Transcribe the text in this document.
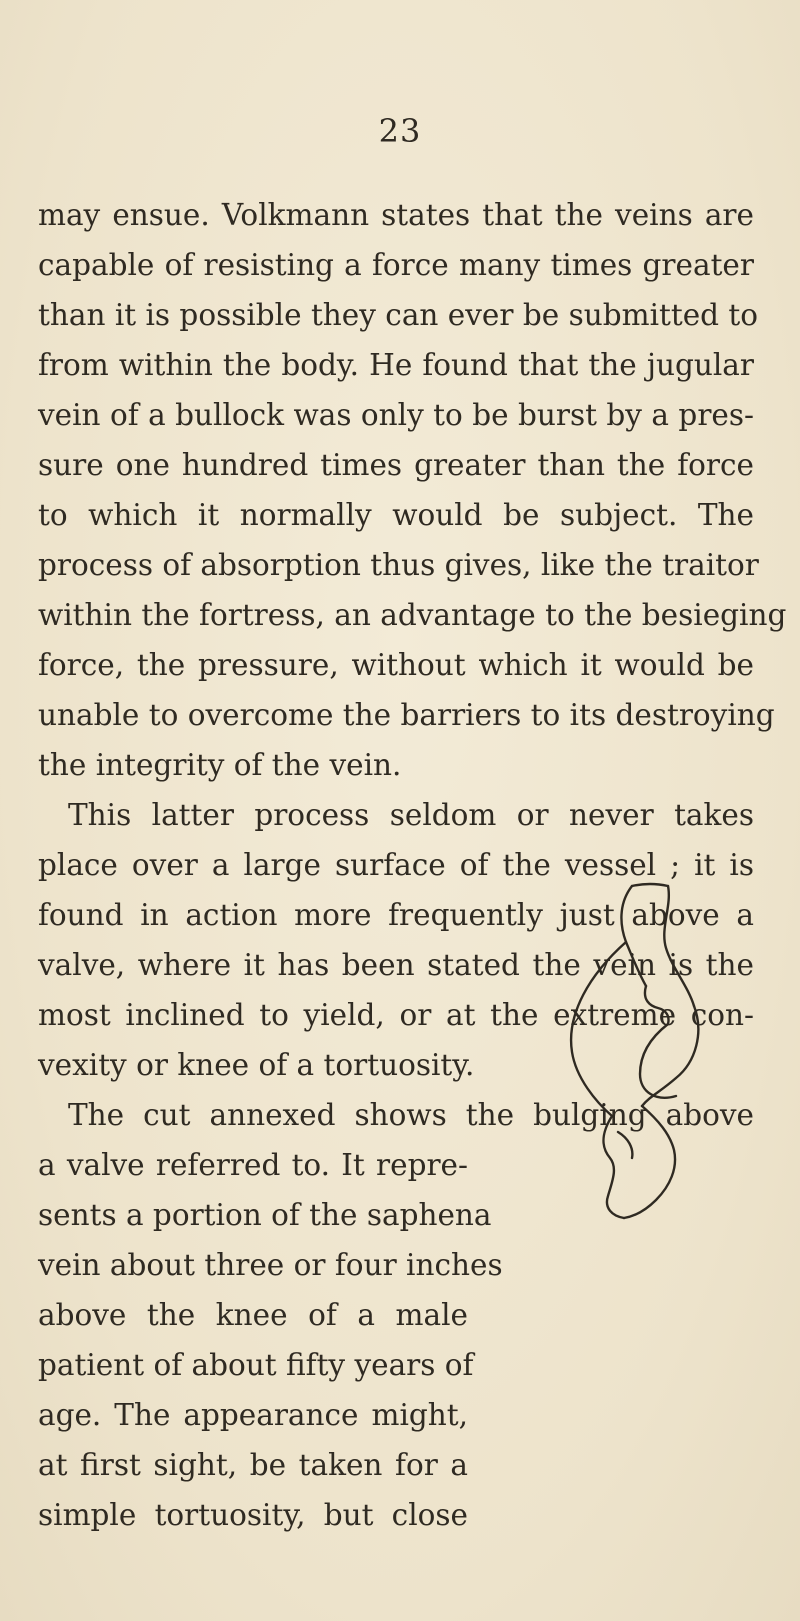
23
may ensue. Volkmann states that the veins are
capable of resisting a force many times greater
than it is possible they can ever be submitted to
from within the body. He found that the jugular
vein of a bullock was only to be burst by a pres-
sure one hundred times greater than the force
to which it normally would be subject. The
process of absorption thus gives, like the traitor
within the fortress, an advantage to the besieging
force, the pressure, without which it would be
unable to overcome the barriers to its destroying
the integrity of the vein.
This latter process seldom or never takes
place over a large surface of the vessel ; it is
found in action more frequently just above a
valve, where it has been stated the vein is the
most inclined to yield, or at the extreme con-
vexity or knee of a tortuosity.
The cut annexed shows the bulging above
a valve referred to. It repre-
sents a portion of the saphena
vein about three or four inches
above the knee of a male
patient of about fifty years of
age. The appearance might,
at first sight, be taken for a
simple tortuosity, but close
